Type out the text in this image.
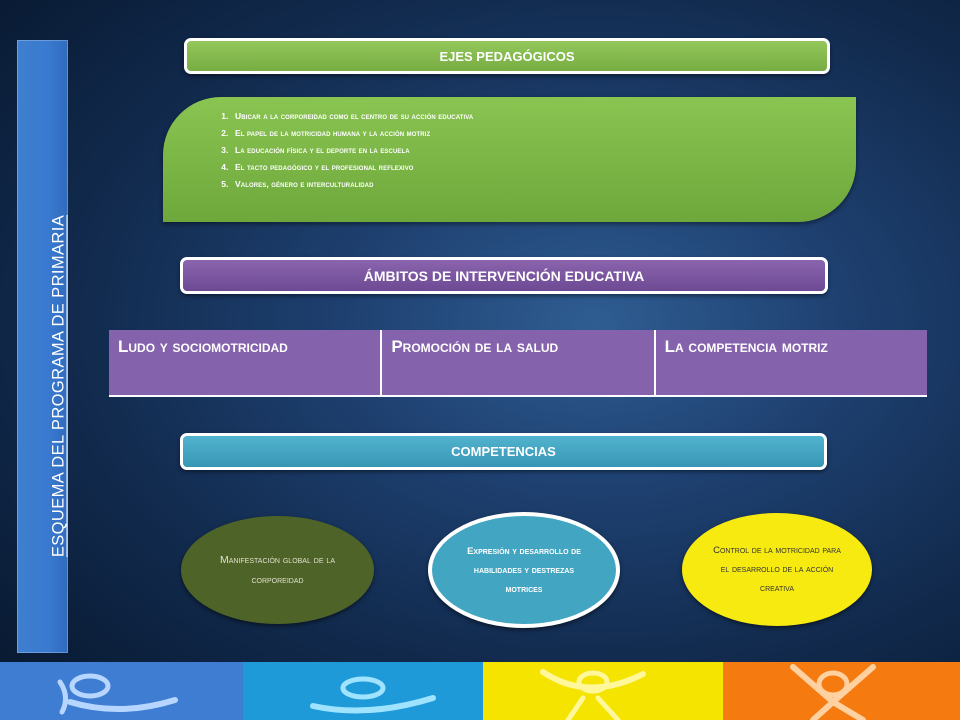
ESQUEMA DEL PROGRAMA DE PRIMARIA
EJES PEDAGÓGICOS
1. Ubicar a la corporeidad como el centro de su acción educativa
2. El papel de la motricidad humana y la acción motriz
3. La educación física y el deporte en la escuela
4. El tacto pedagógico y el profesional reflexivo
5. Valores, género e interculturalidad
ÁMBITOS DE INTERVENCIÓN EDUCATIVA
Ludo y sociomotricidad	Promoción de la salud	La competencia motriz
COMPETENCIAS
Manifestación global de la corporeidad
Expresión y desarrollo de habilidades y destrezas motrices
Control de la motricidad para el desarrollo de la acción creativa
